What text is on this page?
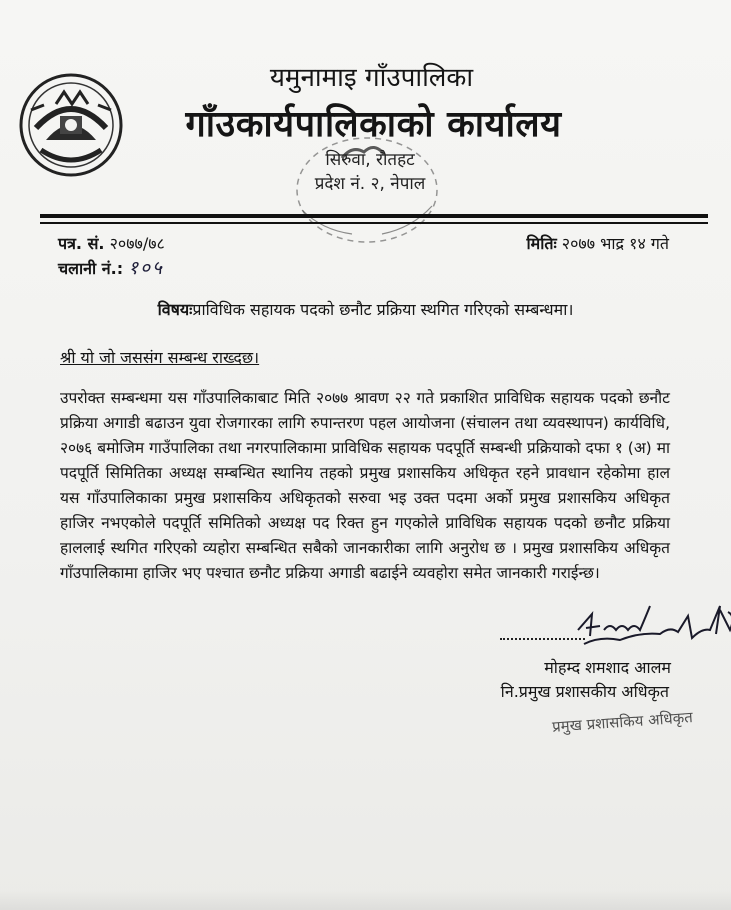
यमुनामाइ गाँउपालिका
गाँउकार्यपालिकाको कार्यालय
सिरुवा, रौतहट
प्रदेश नं. २, नेपाल
पत्र. सं. २०७७/७८
चलानी नं.: १०५
मितिः २०७७ भाद्र १४ गते
विषयःप्राविधिक सहायक पदको छनौट प्रक्रिया स्थगित गरिएको सम्बन्धमा।
श्री यो जो जससंग सम्बन्ध राख्दछ।
उपरोक्त सम्बन्धमा यस गाँउपालिकाबाट मिति २०७७ श्रावण २२ गते प्रकाशित प्राविधिक सहायक पदको छनौट प्रक्रिया अगाडी बढाउन युवा रोजगारका लागि रुपान्तरण पहल आयोजना (संचालन तथा व्यवस्थापन) कार्यविधि, २०७६ बमोजिम गाउँपालिका तथा नगरपालिकामा प्राविधिक सहायक पदपूर्ति सम्बन्धी प्रक्रियाको दफा १ (अ) मा पदपूर्ति सिमितिका अध्यक्ष सम्बन्धित स्थानिय तहको प्रमुख प्रशासकिय अधिकृत रहने प्रावधान रहेकोमा हाल यस गाँउपालिकाका प्रमुख प्रशासकिय अधिकृतको सरुवा भइ उक्त पदमा अर्को प्रमुख प्रशासकिय अधिकृत हाजिर नभएकोले पदपूर्ति समितिको अध्यक्ष पद रिक्त हुन गएकोले प्राविधिक सहायक पदको छनौट प्रक्रिया हाललाई स्थगित गरिएको व्यहोरा सम्बन्धित सबैको जानकारीका लागि अनुरोध छ । प्रमुख प्रशासकिय अधिकृत गाँउपालिकामा हाजिर भए पश्चात छनौट प्रक्रिया अगाडी बढाईने व्यवहोरा समेत जानकारी गराईन्छ।
मोहम्द शमशाद आलम
नि.प्रमुख प्रशासकीय अधिकृत
प्रमुख प्रशासकिय अधिकृत
